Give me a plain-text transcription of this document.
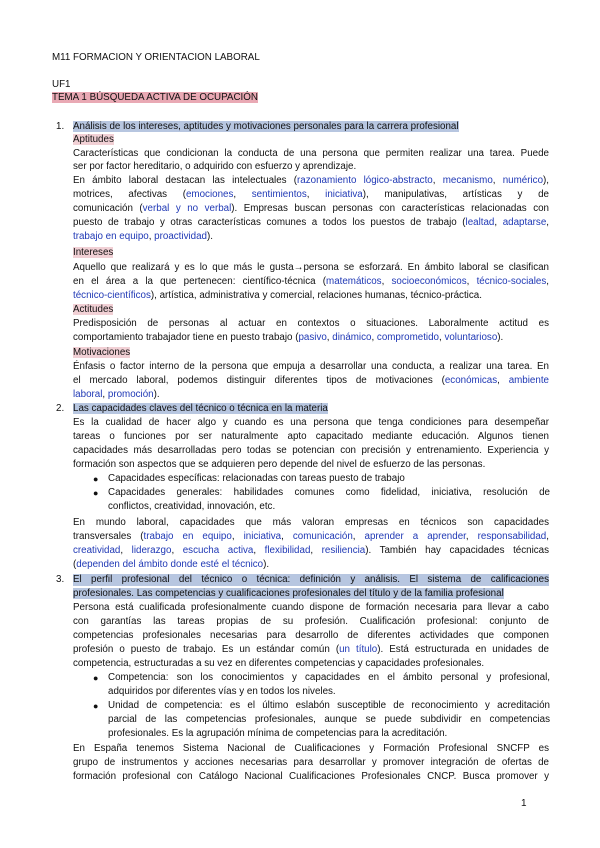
M11 FORMACION Y ORIENTACION LABORAL
UF1
TEMA 1 BÚSQUEDA ACTIVA DE OCUPACIÓN
1. Análisis de los intereses, aptitudes y motivaciones personales para la carrera profesional
Aptitudes
Características que condicionan la conducta de una persona que permiten realizar una tarea. Puede
ser por factor hereditario, o adquirido con esfuerzo y aprendizaje.
En ámbito laboral destacan las intelectuales (razonamiento lógico-abstracto, mecanismo, numérico),
motrices, afectivas (emociones, sentimientos, iniciativa), manipulativas, artísticas y de
comunicación (verbal y no verbal). Empresas buscan personas con características relacionadas con
puesto de trabajo y otras características comunes a todos los puestos de trabajo (lealtad, adaptarse,
trabajo en equipo, proactividad).
Intereses
Aquello que realizará y es lo que más le gusta→persona se esforzará. En ámbito laboral se clasifican
en el área a la que pertenecen: científico-técnica (matemáticos, socioeconómicos, técnico-sociales,
técnico-científicos), artística, administrativa y comercial, relaciones humanas, técnico-práctica.
Actitudes
Predisposición de personas al actuar en contextos o situaciones. Laboralmente actitud es
comportamiento trabajador tiene en puesto trabajo (pasivo, dinámico, comprometido, voluntarioso).
Motivaciones
Énfasis o factor interno de la persona que empuja a desarrollar una conducta, a realizar una tarea. En
el mercado laboral, podemos distinguir diferentes tipos de motivaciones (económicas, ambiente
laboral, promoción).
2. Las capacidades claves del técnico o técnica en la materia
Es la cualidad de hacer algo y cuando es una persona que tenga condiciones para desempeñar
tareas o funciones por ser naturalmente apto capacitado mediante educación. Algunos tienen
capacidades más desarrolladas pero todas se potencian con precisión y entrenamiento. Experiencia y
formación son aspectos que se adquieren pero depende del nivel de esfuerzo de las personas.
● Capacidades específicas: relacionadas con tareas puesto de trabajo
● Capacidades generales: habilidades comunes como fidelidad, iniciativa, resolución de
conflictos, creatividad, innovación, etc.
En mundo laboral, capacidades que más valoran empresas en técnicos son capacidades
transversales (trabajo en equipo, iniciativa, comunicación, aprender a aprender, responsabilidad,
creatividad, liderazgo, escucha activa, flexibilidad, resiliencia). También hay capacidades técnicas
(dependen del ámbito donde esté el técnico).
3. El perfil profesional del técnico o técnica: definición y análisis. El sistema de calificaciones
profesionales. Las competencias y cualificaciones profesionales del título y de la familia profesional
Persona está cualificada profesionalmente cuando dispone de formación necesaria para llevar a cabo
con garantías las tareas propias de su profesión. Cualificación profesional: conjunto de
competencias profesionales necesarias para desarrollo de diferentes actividades que componen
profesión o puesto de trabajo. Es un estándar común (un título). Está estructurada en unidades de
competencia, estructuradas a su vez en diferentes competencias y capacidades profesionales.
● Competencia: son los conocimientos y capacidades en el ámbito personal y profesional,
adquiridos por diferentes vías y en todos los niveles.
● Unidad de competencia: es el último eslabón susceptible de reconocimiento y acreditación
parcial de las competencias profesionales, aunque se puede subdividir en competencias
profesionales. Es la agrupación mínima de competencias para la acreditación.
En España tenemos Sistema Nacional de Cualificaciones y Formación Profesional SNCFP es
grupo de instrumentos y acciones necesarias para desarrollar y promover integración de ofertas de
formación profesional con Catálogo Nacional Cualificaciones Profesionales CNCP. Busca promover y
1
